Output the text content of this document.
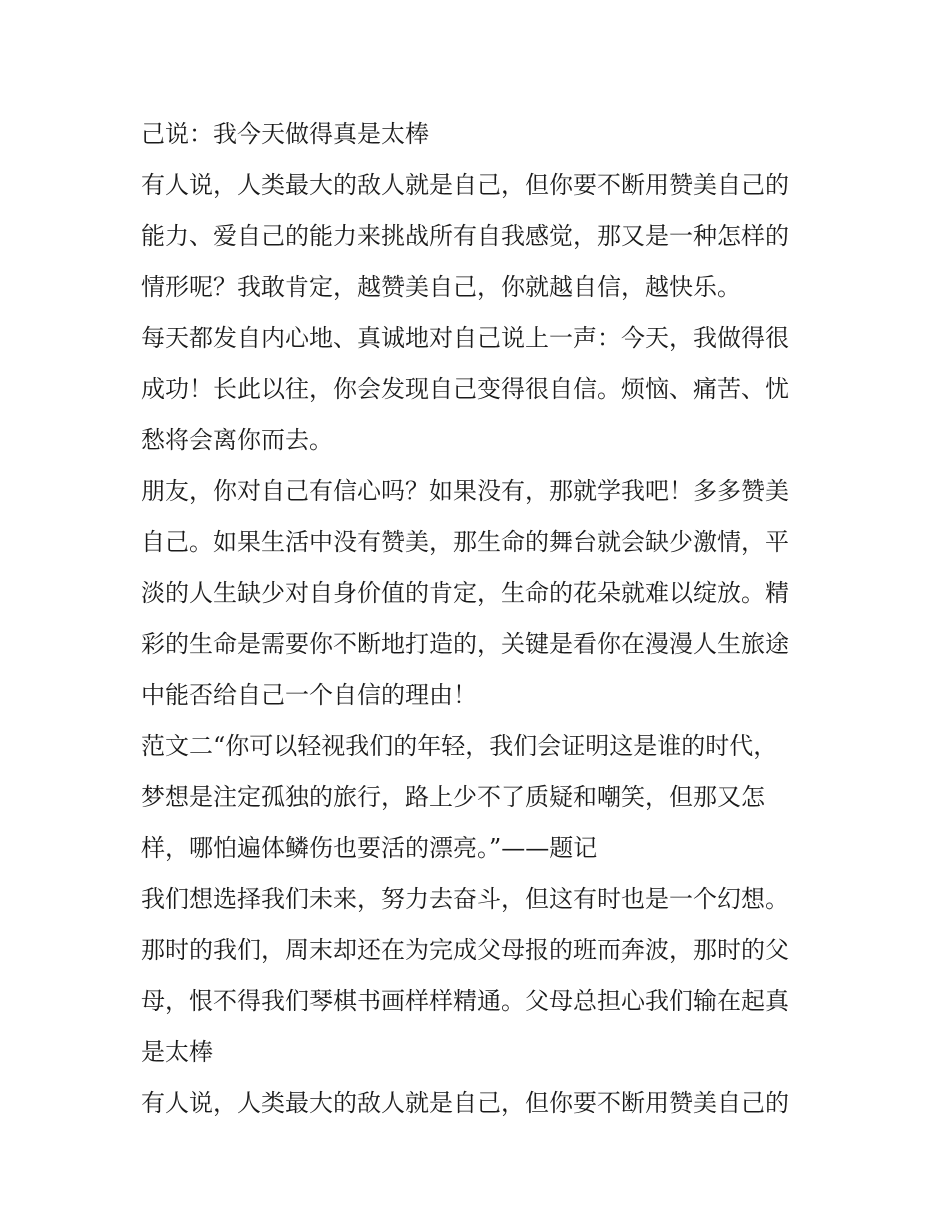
己说：我今天做得真是太棒
有人说，人类最大的敌人就是自己，但你要不断用赞美自己的
能力、爱自己的能力来挑战所有自我感觉，那又是一种怎样的
情形呢？我敢肯定，越赞美自己，你就越自信，越快乐。
每天都发自内心地、真诚地对自己说上一声：今天，我做得很
成功！长此以往，你会发现自己变得很自信。烦恼、痛苦、忧
愁将会离你而去。
朋友，你对自己有信心吗？如果没有，那就学我吧！多多赞美
自己。如果生活中没有赞美，那生命的舞台就会缺少激情，平
淡的人生缺少对自身价值的肯定，生命的花朵就难以绽放。精
彩的生命是需要你不断地打造的，关键是看你在漫漫人生旅途
中能否给自己一个自信的理由！
范文二“你可以轻视我们的年轻，我们会证明这是谁的时代，
梦想是注定孤独的旅行，路上少不了质疑和嘲笑，但那又怎
样，哪怕遍体鳞伤也要活的漂亮。”——题记
我们想选择我们未来，努力去奋斗，但这有时也是一个幻想。
那时的我们，周末却还在为完成父母报的班而奔波，那时的父
母，恨不得我们琴棋书画样样精通。父母总担心我们输在起真
是太棒
有人说，人类最大的敌人就是自己，但你要不断用赞美自己的
